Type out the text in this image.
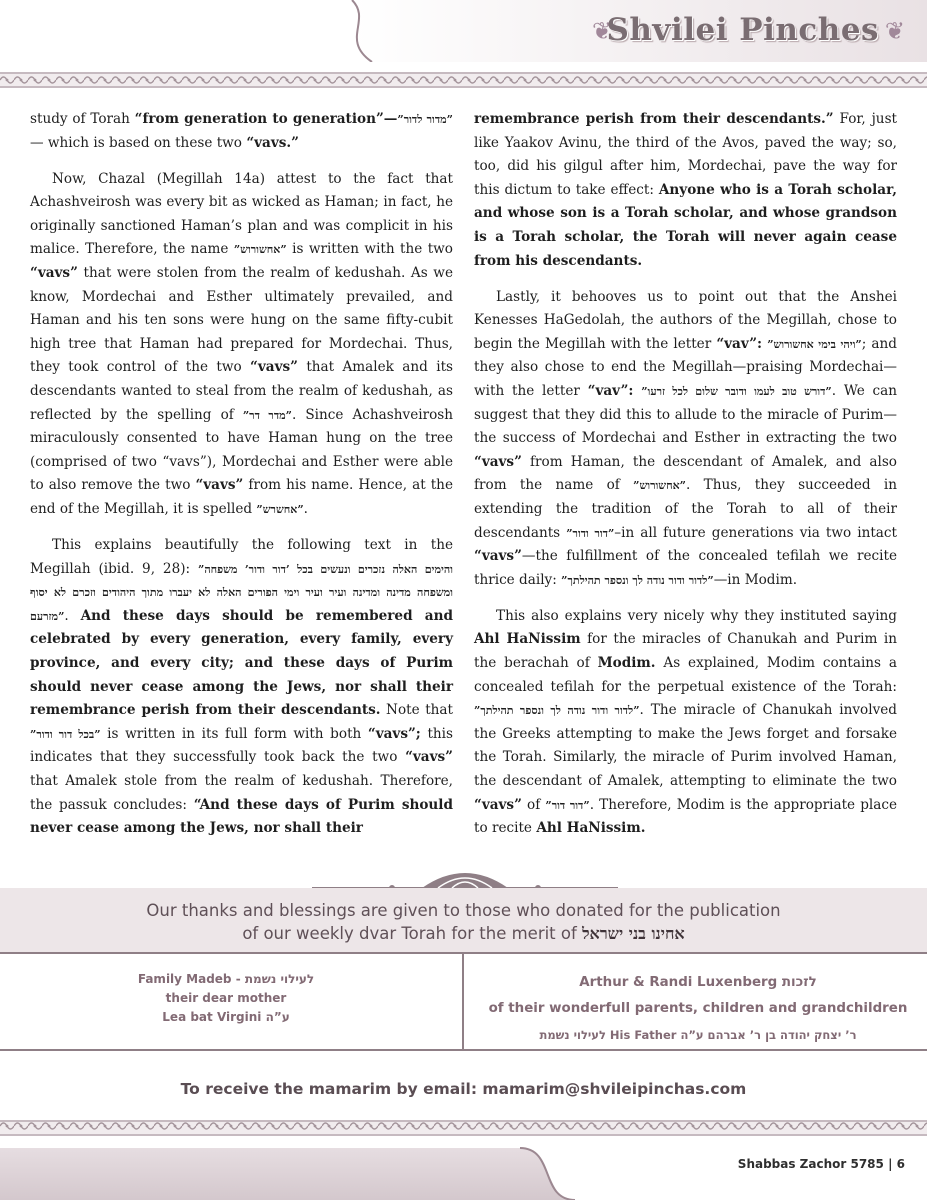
❦
Shvilei Pinches ❦

study of Torah “from generation to generation”—”מדור לדור” — which is based on these two “vavs.”

Now, Chazal (Megillah 14a) attest to the fact that Achashveirosh was every bit as wicked as Haman; in fact, he originally sanctioned Haman’s plan and was complicit in his malice. Therefore, the name ”אחשורוש” is written with the two “vavs” that were stolen from the realm of kedushah. As we know, Mordechai and Esther ultimately prevailed, and Haman and his ten sons were hung on the same fifty-cubit high tree that Haman had prepared for Mordechai. Thus, they took control of the two “vavs” that Amalek and its descendants wanted to steal from the realm of kedushah, as reflected by the spelling of ”מדר דר”. Since Achashveirosh miraculously consented to have Haman hung on the tree (comprised of two “vavs”), Mordechai and Esther were able to also remove the two “vavs” from his name. Hence, at the end of the Megillah, it is spelled ”אחשרש”.

This explains beautifully the following text in the Megillah (ibid. 9, 28): ”והימים האלה נזכרים ונעשים בכל ’דור ודור’ משפחה ומשפחה מדינה ומדינה ועיר ועיר וימי הפורים האלה לא יעברו מתוך היהודים וזכרם לא יסוף מזרעם”. And these days should be remembered and celebrated by every generation, every family, every province, and every city; and these days of Purim should never cease among the Jews, nor shall their remembrance perish from their descendants. Note that ”בכל דור ודור” is written in its full form with both “vavs”; this indicates that they successfully took back the two “vavs” that Amalek stole from the realm of kedushah. Therefore, the passuk concludes: “And these days of Purim should never cease among the Jews, nor shall their

remembrance perish from their descendants.” For, just like Yaakov Avinu, the third of the Avos, paved the way; so, too, did his gilgul after him, Mordechai, pave the way for this dictum to take effect: Anyone who is a Torah scholar, and whose son is a Torah scholar, and whose grandson is a Torah scholar, the Torah will never again cease from his descendants.

Lastly, it behooves us to point out that the Anshei Kenesses HaGedolah, the authors of the Megillah, chose to begin the Megillah with the letter “vav”: ”ויהי בימי אחשורוש”; and they also chose to end the Megillah—praising Mordechai—with the letter “vav”: ”דורש טוב לעמו ודובר שלום לכל זרעו”. We can suggest that they did this to allude to the miracle of Purim—the success of Mordechai and Esther in extracting the two “vavs” from Haman, the descendant of Amalek, and also from the name of ”אחשורוש”. Thus, they succeeded in extending the tradition of the Torah to all of their descendants ”דור ודור”–in all future generations via two intact “vavs”—the fulfillment of the concealed tefilah we recite thrice daily: ”לדור ודור נודה לך ונספר תהילתך”—in Modim.

This also explains very nicely why they instituted saying Ahl HaNissim for the miracles of Chanukah and Purim in the berachah of Modim. As explained, Modim contains a concealed tefilah for the perpetual existence of the Torah: ”לדור ודור נודה לך ונספר תהילתך”. The miracle of Chanukah involved the Greeks attempting to make the Jews forget and forsake the Torah. Similarly, the miracle of Purim involved Haman, the descendant of Amalek, attempting to eliminate the two “vavs” of ”דור דור”. Therefore, Modim is the appropriate place to recite Ahl HaNissim.

Our thanks and blessings are given to those who donated for the publication
of our weekly dvar Torah for the merit of אחינו בני ישראל
Family Madeb - לעילוי נשמת
their dear mother
Lea bat Virgini ע”ה
Arthur & Randi Luxenberg לזכות
of their wonderfull parents, children and grandchildren
לעילוי נשמת His Father ר’ יצחק יהודה בן ר’ אברהם ע”ה
To receive the mamarim by email: mamarim@shvileipinchas.com
Shabbas Zachor 5785 | 6
